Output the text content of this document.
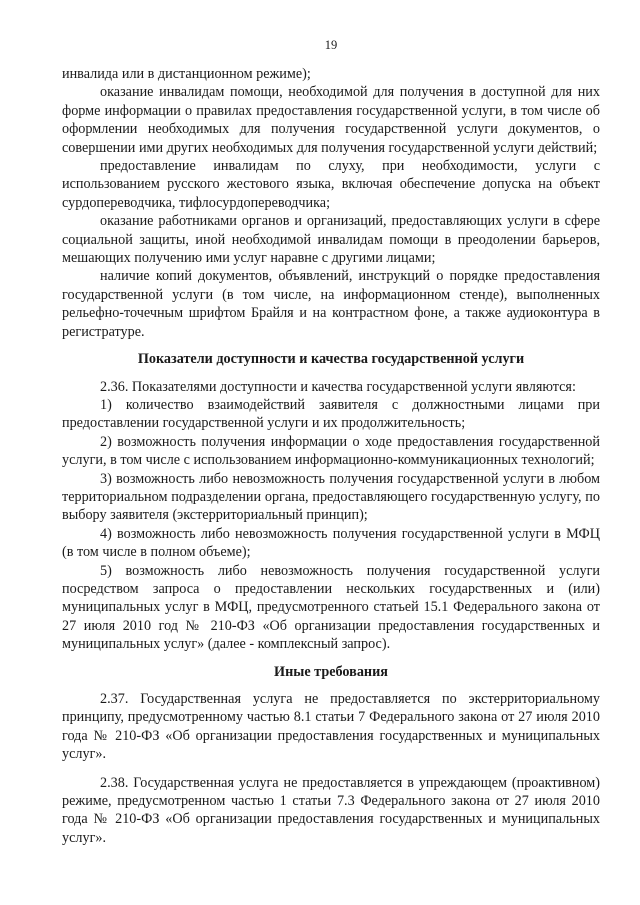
19

инвалида или в дистанционном режиме);

оказание инвалидам помощи, необходимой для получения в доступной для них форме информации о правилах предоставления государственной услуги, в том числе об оформлении необходимых для получения государственной услуги документов, о совершении ими других необходимых для получения государственной услуги действий;

предоставление инвалидам по слуху, при необходимости, услуги с использованием русского жестового языка, включая обеспечение допуска на объект сурдопереводчика, тифлосурдопереводчика;

оказание работниками органов и организаций, предоставляющих услуги в сфере социальной защиты, иной необходимой инвалидам помощи в преодолении барьеров, мешающих получению ими услуг наравне с другими лицами;

наличие копий документов, объявлений, инструкций о порядке предоставления государственной услуги (в том числе, на информационном стенде), выполненных рельефно-точечным шрифтом Брайля и на контрастном фоне, а также аудиоконтура в регистратуре.

Показатели доступности и качества государственной услуги

2.36. Показателями доступности и качества государственной услуги являются:

1) количество взаимодействий заявителя с должностными лицами при предоставлении государственной услуги и их продолжительность;

2) возможность получения информации о ходе предоставления государственной услуги, в том числе с использованием информационно-коммуникационных технологий;

3) возможность либо невозможность получения государственной услуги в любом территориальном подразделении органа, предоставляющего государственную услугу, по выбору заявителя (экстерриториальный принцип);

4) возможность либо невозможность получения государственной услуги в МФЦ (в том числе в полном объеме);

5) возможность либо невозможность получения государственной услуги посредством запроса о предоставлении нескольких государственных и (или) муниципальных услуг в МФЦ, предусмотренного статьей 15.1 Федерального закона от 27 июля 2010 год № 210-ФЗ «Об организации предоставления государственных и муниципальных услуг» (далее - комплексный запрос).

Иные требования

2.37. Государственная услуга не предоставляется по экстерриториальному принципу, предусмотренному частью 8.1 статьи 7 Федерального закона от 27 июля 2010 года № 210-ФЗ «Об организации предоставления государственных и муниципальных услуг».

2.38. Государственная услуга не предоставляется в упреждающем (проактивном) режиме, предусмотренном частью 1 статьи 7.3 Федерального закона от 27 июля 2010 года № 210-ФЗ «Об организации предоставления государственных и муниципальных услуг».
